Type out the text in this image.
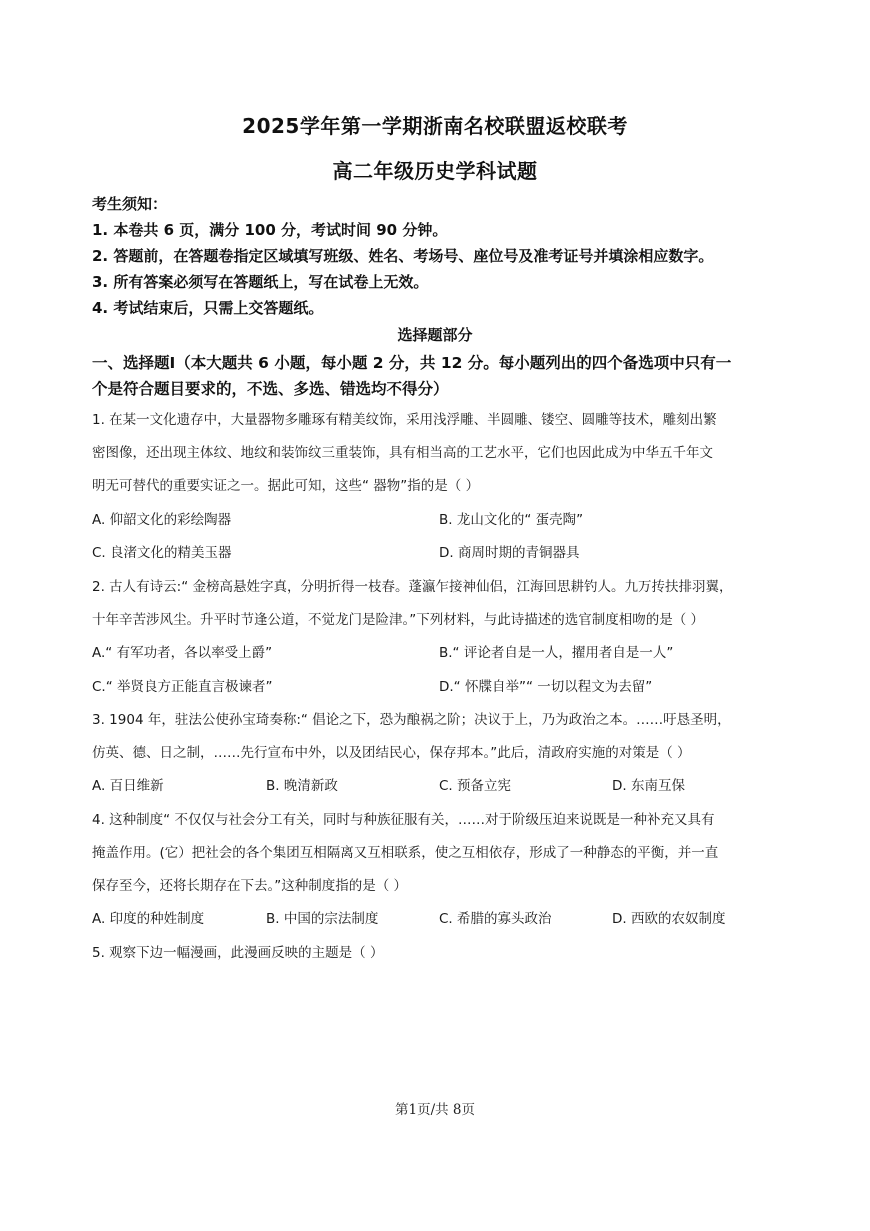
2025学年第一学期浙南名校联盟返校联考
高二年级历史学科试题
考生须知：
1. 本卷共 6 页，满分 100 分，考试时间 90 分钟。
2. 答题前，在答题卷指定区域填写班级、姓名、考场号、座位号及准考证号并填涂相应数字。
3. 所有答案必须写在答题纸上，写在试卷上无效。
4. 考试结束后，只需上交答题纸。
选择题部分
一、选择题Ⅰ（本大题共 6 小题，每小题 2 分，共 12 分。每小题列出的四个备选项中只有一
个是符合题目要求的，不选、多选、错选均不得分）
1. 在某一文化遗存中，大量器物多雕琢有精美纹饰，采用浅浮雕、半圆雕、镂空、圆雕等技术，雕刻出繁
密图像，还出现主体纹、地纹和装饰纹三重装饰，具有相当高的工艺水平，它们也因此成为中华五千年文
明无可替代的重要实证之一。据此可知，这些“ 器物”指的是（ ）
A. 仰韶文化的彩绘陶器	B. 龙山文化的“ 蛋壳陶”
C. 良渚文化的精美玉器	D. 商周时期的青铜器具
2. 古人有诗云:“ 金榜高悬姓字真，分明折得一枝春。蓬瀛乍接神仙侣，江海回思耕钓人。九万抟扶排羽翼，
十年辛苦涉风尘。升平时节逢公道，不觉龙门是险津。”下列材料，与此诗描述的选官制度相吻的是（ ）
A.“ 有军功者，各以率受上爵”	B.“ 评论者自是一人，擢用者自是一人”
C.“ 举贤良方正能直言极谏者”	D.“ 怀牒自举”“ 一切以程文为去留”
3. 1904 年，驻法公使孙宝琦奏称:“ 倡论之下，恐为酿祸之阶；决议于上，乃为政治之本。……吁恳圣明，
仿英、德、日之制，……先行宣布中外，以及团结民心，保存邦本。”此后，清政府实施的对策是（ ）
A. 百日维新	B. 晚清新政	C. 预备立宪	D. 东南互保
4. 这种制度“ 不仅仅与社会分工有关，同时与种族征服有关，……对于阶级压迫来说既是一种补充又具有
掩盖作用。(它）把社会的各个集团互相隔离又互相联系，使之互相依存，形成了一种静态的平衡，并一直
保存至今，还将长期存在下去。”这种制度指的是（ ）
A. 印度的种姓制度	B. 中国的宗法制度	C. 希腊的寡头政治	D. 西欧的农奴制度
5. 观察下边一幅漫画，此漫画反映的主题是（ ）
第1页/共 8页
